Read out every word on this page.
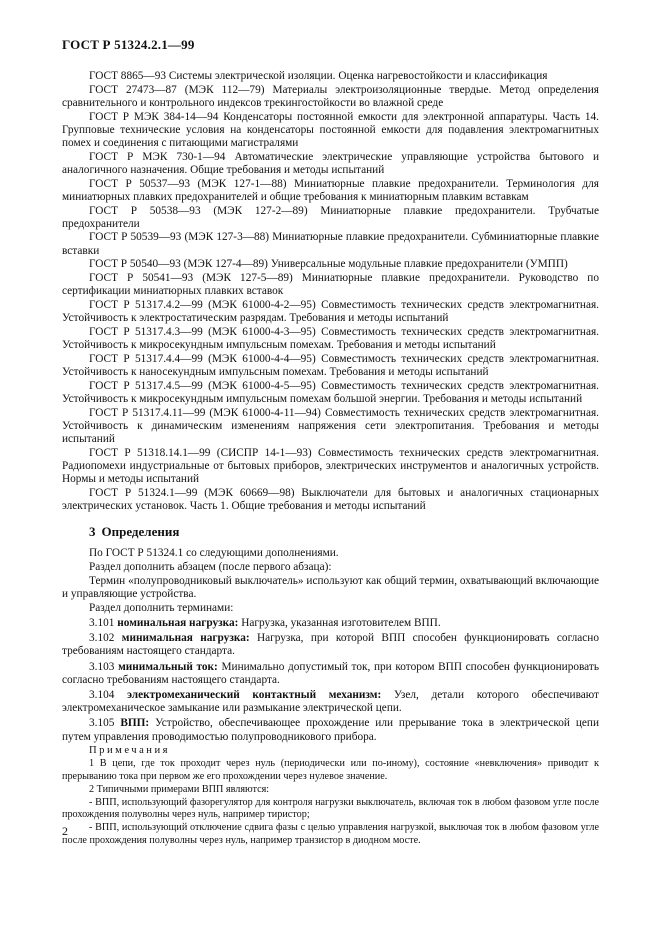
ГОСТ Р 51324.2.1—99

ГОСТ 8865—93 Системы электрической изоляции. Оценка нагревостойкости и классификация

ГОСТ 27473—87 (МЭК 112—79) Материалы электроизоляционные твердые. Метод определения сравнительного и контрольного индексов трекингостойкости во влажной среде

ГОСТ Р МЭК 384-14—94 Конденсаторы постоянной емкости для электронной аппаратуры. Часть 14. Групповые технические условия на конденсаторы постоянной емкости для подавления электромагнитных помех и соединения с питающими магистралями

ГОСТ Р МЭК 730-1—94 Автоматические электрические управляющие устройства бытового и аналогичного назначения. Общие требования и методы испытаний

ГОСТ Р 50537—93 (МЭК 127-1—88) Миниатюрные плавкие предохранители. Терминология для миниатюрных плавких предохранителей и общие требования к миниатюрным плавким вставкам

ГОСТ Р 50538—93 (МЭК 127-2—89) Миниатюрные плавкие предохранители. Трубчатые предохранители

ГОСТ Р 50539—93 (МЭК 127-3—88) Миниатюрные плавкие предохранители. Субминиатюрные плавкие вставки

ГОСТ Р 50540—93 (МЭК 127-4—89) Универсальные модульные плавкие предохранители (УМПП)

ГОСТ Р 50541—93 (МЭК 127-5—89) Миниатюрные плавкие предохранители. Руководство по сертификации миниатюрных плавких вставок

ГОСТ Р 51317.4.2—99 (МЭК 61000-4-2—95) Совместимость технических средств электромагнитная. Устойчивость к электростатическим разрядам. Требования и методы испытаний

ГОСТ Р 51317.4.3—99 (МЭК 61000-4-3—95) Совместимость технических средств электромагнитная. Устойчивость к микросекундным импульсным помехам. Требования и методы испытаний

ГОСТ Р 51317.4.4—99 (МЭК 61000-4-4—95) Совместимость технических средств электромагнитная. Устойчивость к наносекундным импульсным помехам. Требования и методы испытаний

ГОСТ Р 51317.4.5—99 (МЭК 61000-4-5—95) Совместимость технических средств электромагнитная. Устойчивость к микросекундным импульсным помехам большой энергии. Требования и методы испытаний

ГОСТ Р 51317.4.11—99 (МЭК 61000-4-11—94) Совместимость технических средств электромагнитная. Устойчивость к динамическим изменениям напряжения сети электропитания. Требования и методы испытаний

ГОСТ Р 51318.14.1—99 (СИСПР 14-1—93) Совместимость технических средств электромагнитная. Радиопомехи индустриальные от бытовых приборов, электрических инструментов и аналогичных устройств. Нормы и методы испытаний

ГОСТ Р 51324.1—99 (МЭК 60669—98) Выключатели для бытовых и аналогичных стационарных электрических установок. Часть 1. Общие требования и методы испытаний

3 Определения

По ГОСТ Р 51324.1 со следующими дополнениями.

Раздел дополнить абзацем (после первого абзаца):

Термин «полупроводниковый выключатель» используют как общий термин, охватывающий включающие и управляющие устройства.

Раздел дополнить терминами:

3.101 номинальная нагрузка: Нагрузка, указанная изготовителем ВПП.

3.102 минимальная нагрузка: Нагрузка, при которой ВПП способен функционировать согласно требованиям настоящего стандарта.

3.103 минимальный ток: Минимально допустимый ток, при котором ВПП способен функционировать согласно требованиям настоящего стандарта.

3.104 электромеханический контактный механизм: Узел, детали которого обеспечивают электромеханическое замыкание или размыкание электрической цепи.

3.105 ВПП: Устройство, обеспечивающее прохождение или прерывание тока в электрической цепи путем управления проводимостью полупроводникового прибора.

Примечания

1 В цепи, где ток проходит через нуль (периодически или по-иному), состояние «невключения» приводит к прерыванию тока при первом же его прохождении через нулевое значение.

2 Типичными примерами ВПП являются:

- ВПП, использующий фазорегулятор для контроля нагрузки выключатель, включая ток в любом фазовом угле после прохождения полуволны через нуль, например тиристор;

- ВПП, использующий отключение сдвига фазы с целью управления нагрузкой, выключая ток в любом фазовом угле после прохождения полуволны через нуль, например транзистор в диодном мосте.

2
